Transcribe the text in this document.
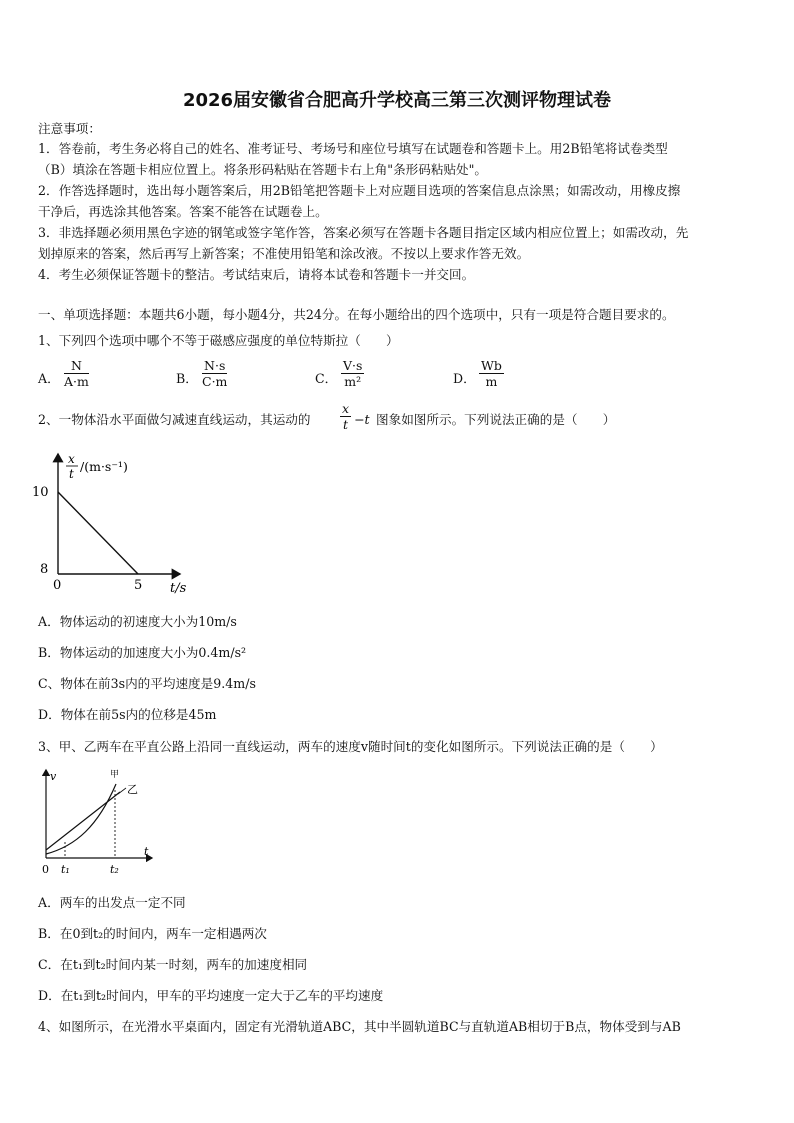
2026届安徽省合肥高升学校高三第三次测评物理试卷
注意事项：
1．答卷前，考生务必将自己的姓名、准考证号、考场号和座位号填写在试题卷和答题卡上。用2B铅笔将试卷类型
（B）填涂在答题卡相应位置上。将条形码粘贴在答题卡右上角"条形码粘贴处"。
2．作答选择题时，选出每小题答案后，用2B铅笔把答题卡上对应题目选项的答案信息点涂黑；如需改动，用橡皮擦
干净后，再选涂其他答案。答案不能答在试题卷上。
3．非选择题必须用黑色字迹的钢笔或签字笔作答，答案必须写在答题卡各题目指定区域内相应位置上；如需改动，先
划掉原来的答案，然后再写上新答案；不准使用铅笔和涂改液。不按以上要求作答无效。
4．考生必须保证答题卡的整洁。考试结束后，请将本试卷和答题卡一并交回。
一、单项选择题：本题共6小题，每小题4分，共24分。在每小题给出的四个选项中，只有一项是符合题目要求的。
1、下列四个选项中哪个不等于磁感应强度的单位特斯拉（　　）
A．
N
A·m	B．
N·s
C·m	C．
V·s
m²	D．
Wb
m
2、一物体沿水平面做匀减速直线运动，其运动的
x
t −t 图象如图所示。下列说法正确的是（　　）
x
t /(m·s⁻¹)
10
8
0	5 t/s
A．物体运动的初速度大小为10m/s
B．物体运动的加速度大小为0.4m/s²
C、物体在前3s内的平均速度是9.4m/s
D．物体在前5s内的位移是45m
3、甲、乙两车在平直公路上沿同一直线运动，两车的速度v随时间t的变化如图所示。下列说法正确的是（　　）
v
t
0 t₁	t₂
甲
乙
A．两车的出发点一定不同
B．在0到t₂的时间内，两车一定相遇两次
C．在t₁到t₂时间内某一时刻，两车的加速度相同
D．在t₁到t₂时间内，甲车的平均速度一定大于乙车的平均速度
4、如图所示，在光滑水平桌面内，固定有光滑轨道ABC，其中半圆轨道BC与直轨道AB相切于B点，物体受到与AB
